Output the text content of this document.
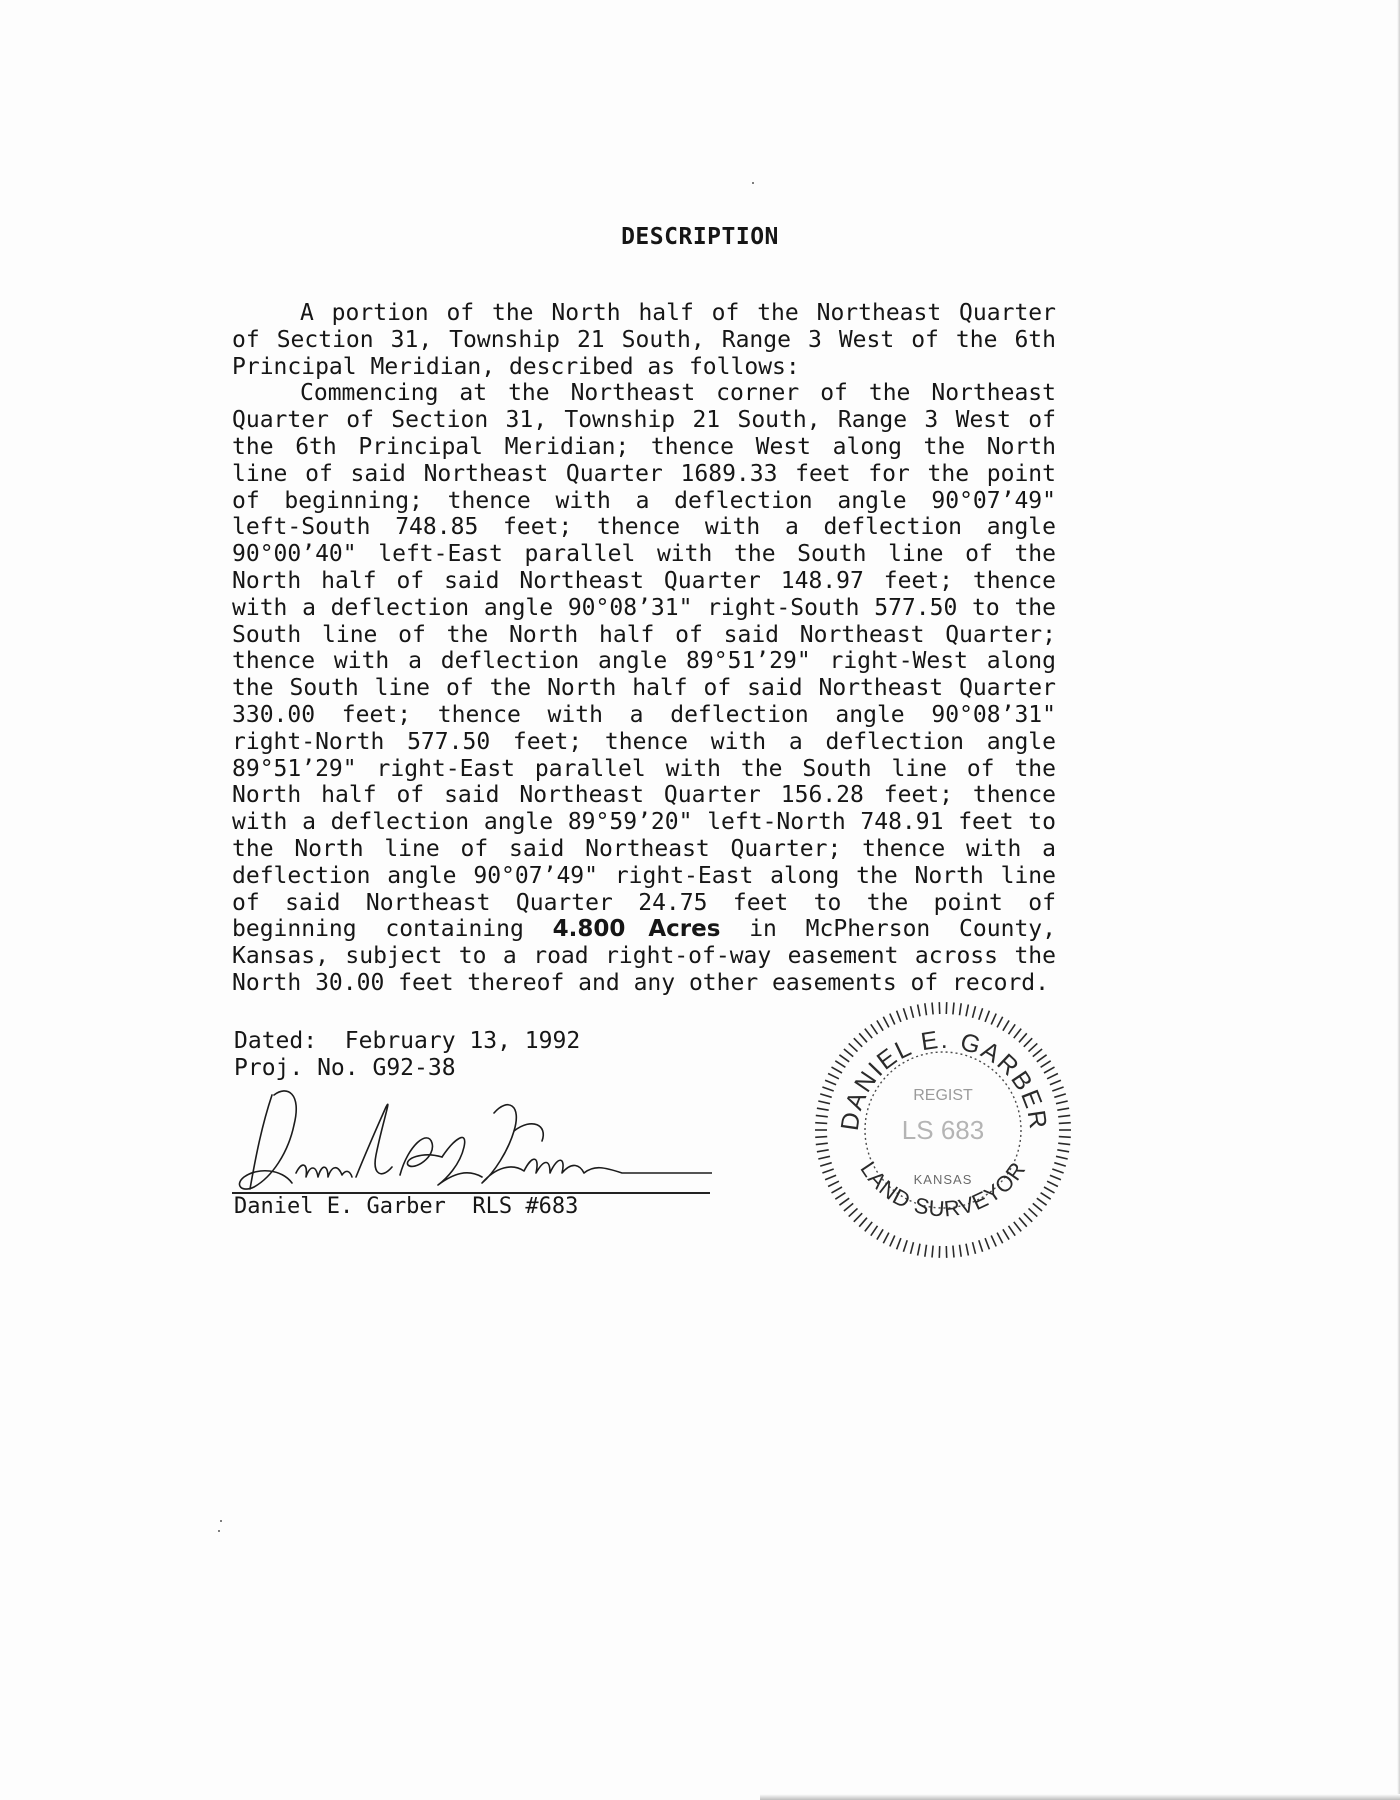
DESCRIPTION

A portion of the North half of the Northeast Quarter of Section 31, Township 21 South, Range 3 West of the 6th Principal Meridian, described as follows:

Commencing at the Northeast corner of the Northeast Quarter of Section 31, Township 21 South, Range 3 West of the 6th Principal Meridian; thence West along the North line of said Northeast Quarter 1689.33 feet for the point of beginning; thence with a deflection angle 90°07’49" left-South 748.85 feet; thence with a deflection angle 90°00’40" left-East parallel with the South line of the North half of said Northeast Quarter 148.97 feet; thence with a deflection angle 90°08’31" right-South 577.50 to the South line of the North half of said Northeast Quarter; thence with a deflection angle 89°51’29" right-West along the South line of the North half of said Northeast Quarter 330.00 feet; thence with a deflection angle 90°08’31" right-North 577.50 feet; thence with a deflection angle 89°51’29" right-East parallel with the South line of the North half of said Northeast Quarter 156.28 feet; thence with a deflection angle 89°59’20" left-North 748.91 feet to the North line of said Northeast Quarter; thence with a deflection angle 90°07’49" right-East along the North line of said Northeast Quarter 24.75 feet to the point of beginning containing 4.800 Acres in McPherson County, Kansas, subject to a road right-of-way easement across the North 30.00 feet thereof and any other easements of record.

Dated:  February 13, 1992
Proj. No. G92-38
Daniel E. Garber  RLS #683
DANIEL E. GARBER
LAND SURVEYOR
REGIST
LS 683
KANSAS
